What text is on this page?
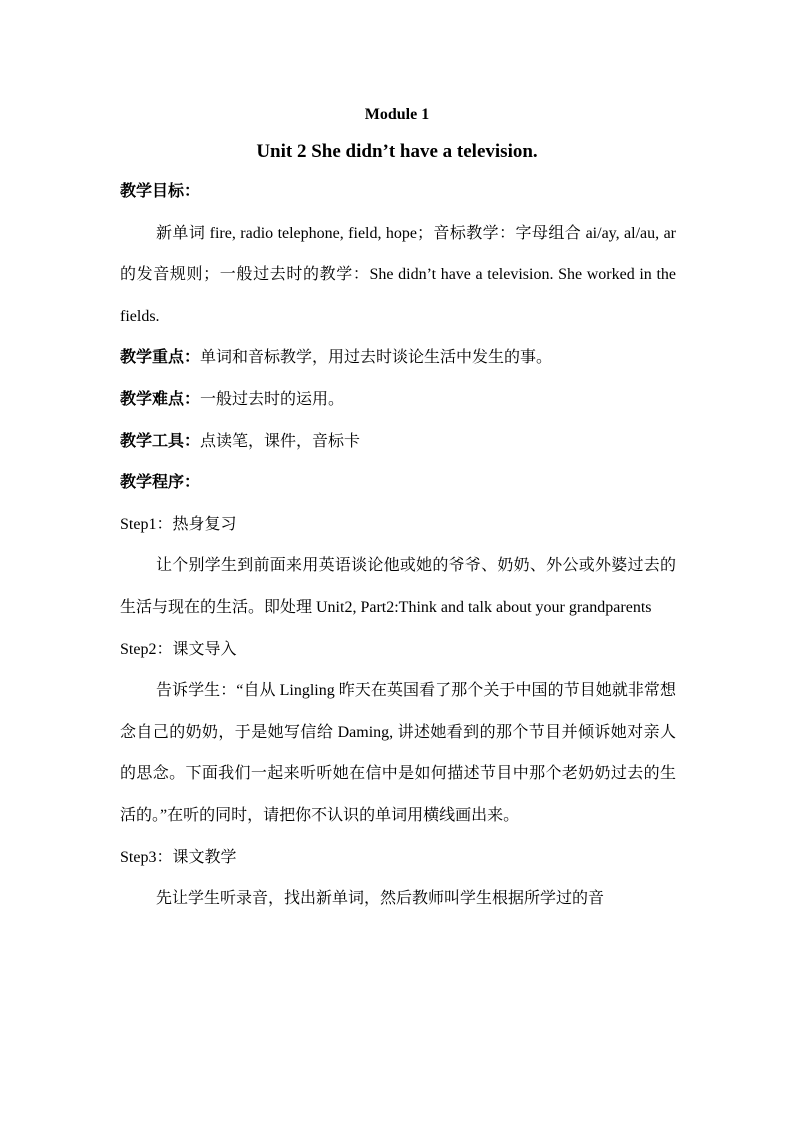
Module 1
Unit 2 She didn’t have a television.

教学目标：

新单词 fire, radio telephone, field, hope；音标教学：字母组合 ai/ay, al/au, ar 的发音规则；一般过去时的教学：She didn’t have a television. She worked in the fields.

教学重点：单词和音标教学，用过去时谈论生活中发生的事。

教学难点：一般过去时的运用。

教学工具：点读笔，课件，音标卡

教学程序：

Step1：热身复习

让个别学生到前面来用英语谈论他或她的爷爷、奶奶、外公或外婆过去的生活与现在的生活。即处理 Unit2, Part2:Think and talk about your grandparents

Step2：课文导入

告诉学生：“自从 Lingling 昨天在英国看了那个关于中国的节目她就非常想念自己的奶奶，于是她写信给 Daming, 讲述她看到的那个节目并倾诉她对亲人的思念。下面我们一起来听听她在信中是如何描述节目中那个老奶奶过去的生活的。”在听的同时，请把你不认识的单词用横线画出来。

Step3：课文教学

先让学生听录音，找出新单词，然后教师叫学生根据所学过的音
